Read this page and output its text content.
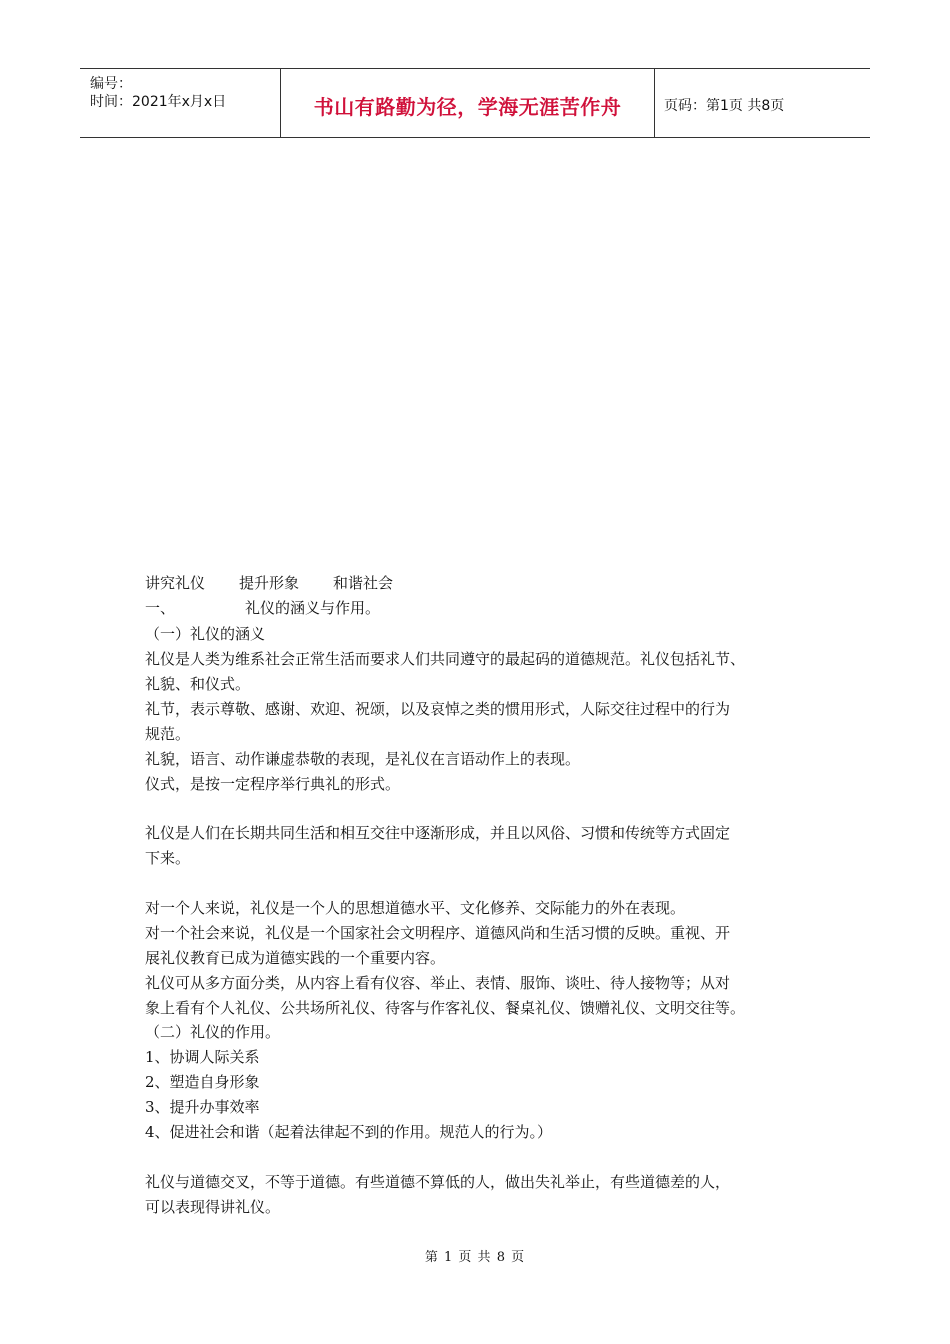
编号：
时间：2021年x月x日	书山有路勤为径，学海无涯苦作舟	页码：第1页 共8页
讲究礼仪 提升形象 和谐社会
一、	礼仪的涵义与作用。
（一）礼仪的涵义
礼仪是人类为维系社会正常生活而要求人们共同遵守的最起码的道德规范。礼仪包括礼节、
礼貌、和仪式。
礼节，表示尊敬、感谢、欢迎、祝颂，以及哀悼之类的惯用形式，人际交往过程中的行为
规范。
礼貌，语言、动作谦虚恭敬的表现，是礼仪在言语动作上的表现。
仪式，是按一定程序举行典礼的形式。
礼仪是人们在长期共同生活和相互交往中逐渐形成，并且以风俗、习惯和传统等方式固定
下来。
对一个人来说，礼仪是一个人的思想道德水平、文化修养、交际能力的外在表现。
对一个社会来说，礼仪是一个国家社会文明程序、道德风尚和生活习惯的反映。重视、开
展礼仪教育已成为道德实践的一个重要内容。
礼仪可从多方面分类，从内容上看有仪容、举止、表情、服饰、谈吐、待人接物等；从对
象上看有个人礼仪、公共场所礼仪、待客与作客礼仪、餐桌礼仪、馈赠礼仪、文明交往等。
（二）礼仪的作用。
1、协调人际关系
2、塑造自身形象
3、提升办事效率
4、促进社会和谐（起着法律起不到的作用。规范人的行为。）
礼仪与道德交叉，不等于道德。有些道德不算低的人，做出失礼举止，有些道德差的人，
可以表现得讲礼仪。
第 1 页 共 8 页
